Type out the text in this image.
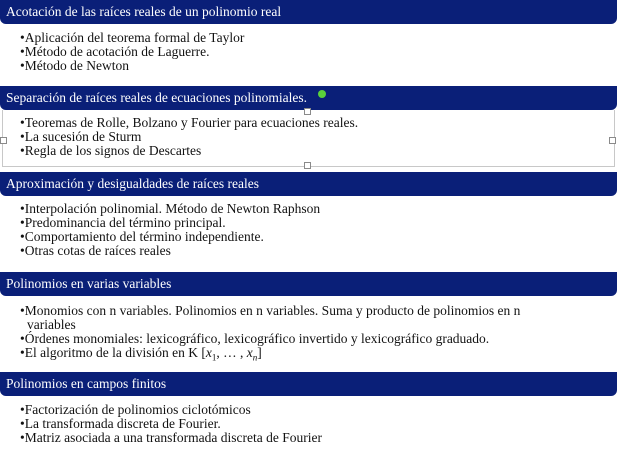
Acotación de las raíces reales de un polinomio real
•Aplicación del teorema formal de Taylor
•Método de acotación de Laguerre.
•Método de Newton
Separación de raíces reales de ecuaciones polinomiales.
•Teoremas de Rolle, Bolzano y Fourier para ecuaciones reales.
•La sucesión de Sturm
•Regla de los signos de Descartes
Aproximación y desigualdades de raíces reales
•Interpolación polinomial. Método de Newton Raphson
•Predominancia del término principal.
•Comportamiento del término independiente.
•Otras cotas de raíces reales
Polinomios en varias variables
•Monomios con n variables. Polinomios en n variables. Suma y producto de polinomios en n variables
•Órdenes monomiales: lexicográfico, lexicográfico invertido y lexicográfico graduado.
•El algoritmo de la división en K [$x_1$, … , $x_n$]
Polinomios en campos finitos
•Factorización de polinomios ciclotómicos
•La transformada discreta de Fourier.
•Matriz asociada a una transformada discreta de Fourier
